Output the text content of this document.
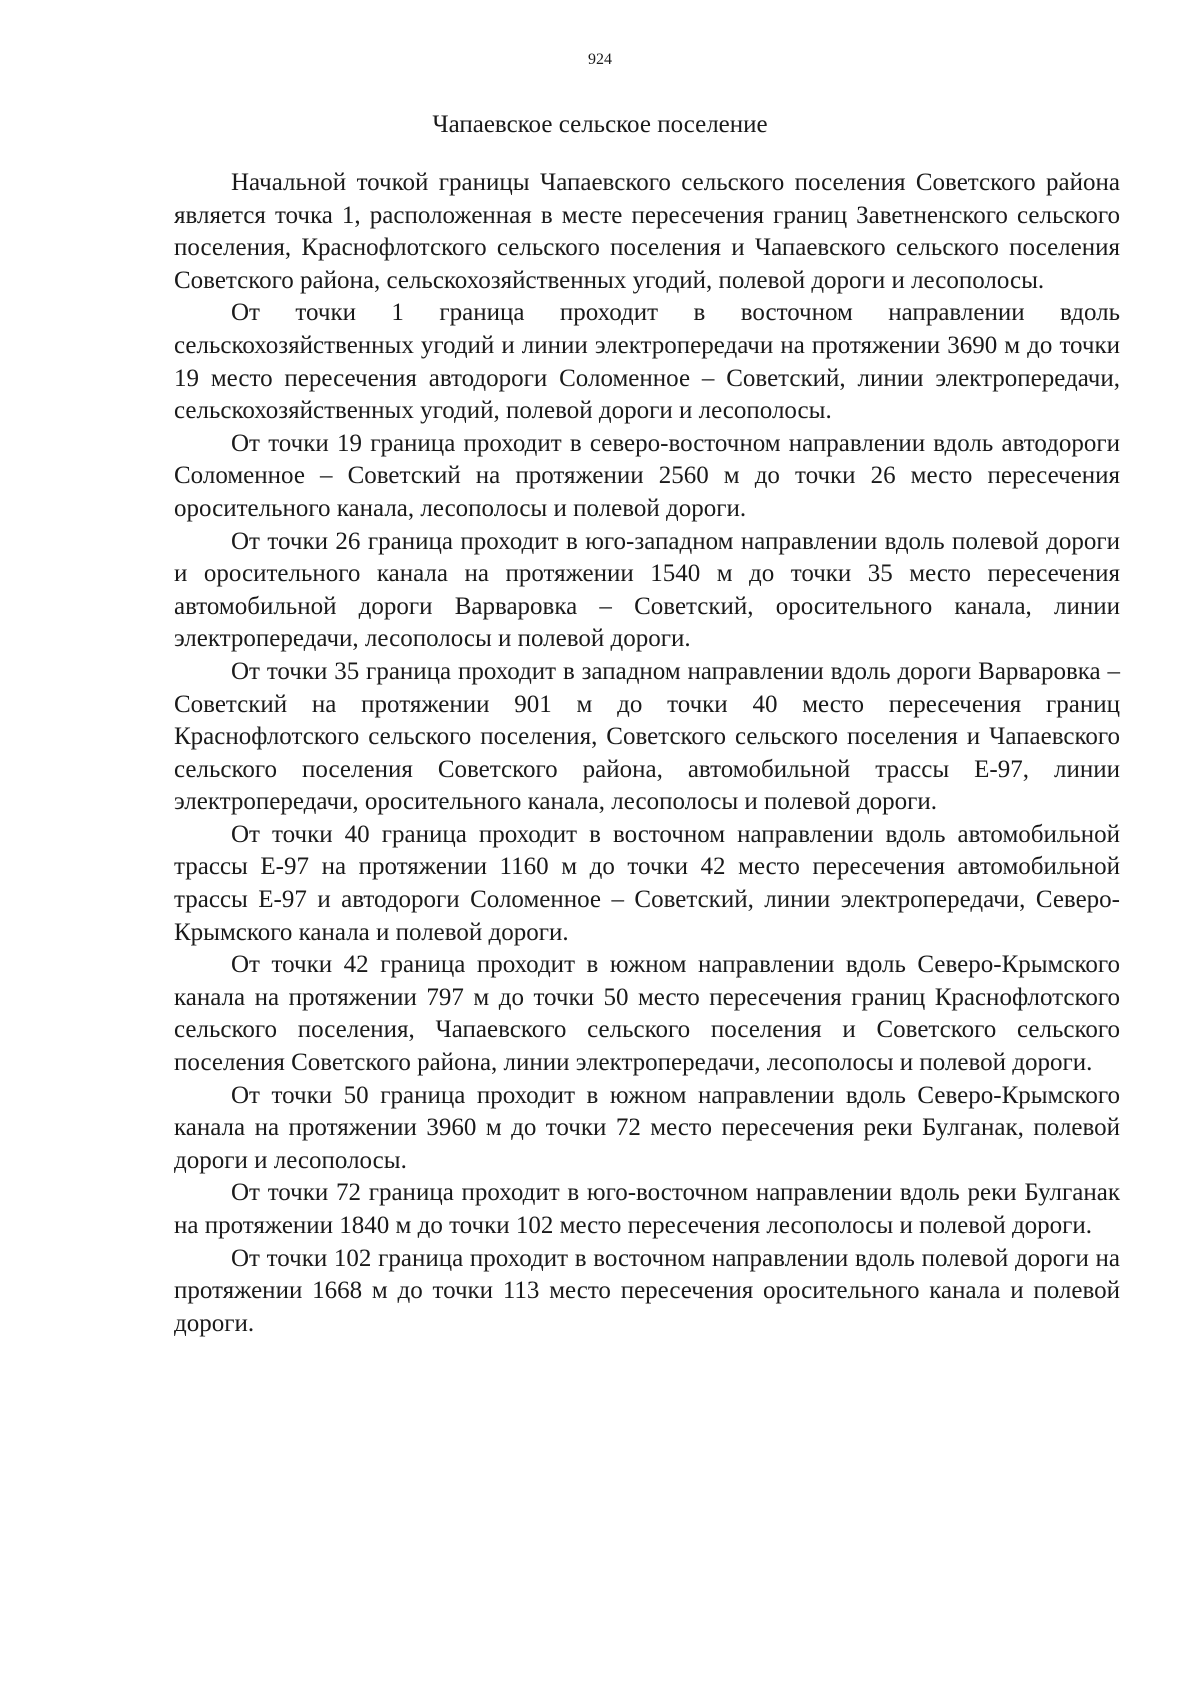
924
Чапаевское сельское поселение

Начальной точкой границы Чапаевского сельского поселения Советского района является точка 1, расположенная в месте пересечения границ Заветненского сельского поселения, Краснофлотского сельского поселения и Чапаевского сельского поселения Советского района, сельскохозяйственных угодий, полевой дороги и лесополосы.

От точки 1 граница проходит в восточном направлении вдоль сельскохозяйственных угодий и линии электропередачи на протяжении 3690 м до точки 19 место пересечения автодороги Соломенное – Советский, линии электропередачи, сельскохозяйственных угодий, полевой дороги и лесополосы.

От точки 19 граница проходит в северо-восточном направлении вдоль автодороги Соломенное – Советский на протяжении 2560 м до точки 26 место пересечения оросительного канала, лесополосы и полевой дороги.

От точки 26 граница проходит в юго-западном направлении вдоль полевой дороги и оросительного канала на протяжении 1540 м до точки 35 место пересечения автомобильной дороги Варваровка – Советский, оросительного канала, линии электропередачи, лесополосы и полевой дороги.

От точки 35 граница проходит в западном направлении вдоль дороги Варваровка – Советский на протяжении 901 м до точки 40 место пересечения границ Краснофлотского сельского поселения, Советского сельского поселения и Чапаевского сельского поселения Советского района, автомобильной трассы Е-97, линии электропередачи, оросительного канала, лесополосы и полевой дороги.

От точки 40 граница проходит в восточном направлении вдоль автомобильной трассы Е-97 на протяжении 1160 м до точки 42 место пересечения автомобильной трассы Е-97 и автодороги Соломенное – Советский, линии электропередачи, Северо-Крымского канала и полевой дороги.

От точки 42 граница проходит в южном направлении вдоль Северо-Крымского канала на протяжении 797 м до точки 50 место пересечения границ Краснофлотского сельского поселения, Чапаевского сельского поселения и Советского сельского поселения Советского района, линии электропередачи, лесополосы и полевой дороги.

От точки 50 граница проходит в южном направлении вдоль Северо-Крымского канала на протяжении 3960 м до точки 72 место пересечения реки Булганак, полевой дороги и лесополосы.

От точки 72 граница проходит в юго-восточном направлении вдоль реки Булганак на протяжении 1840 м до точки 102 место пересечения лесополосы и полевой дороги.

От точки 102 граница проходит в восточном направлении вдоль полевой дороги на протяжении 1668 м до точки 113 место пересечения оросительного канала и полевой дороги.
